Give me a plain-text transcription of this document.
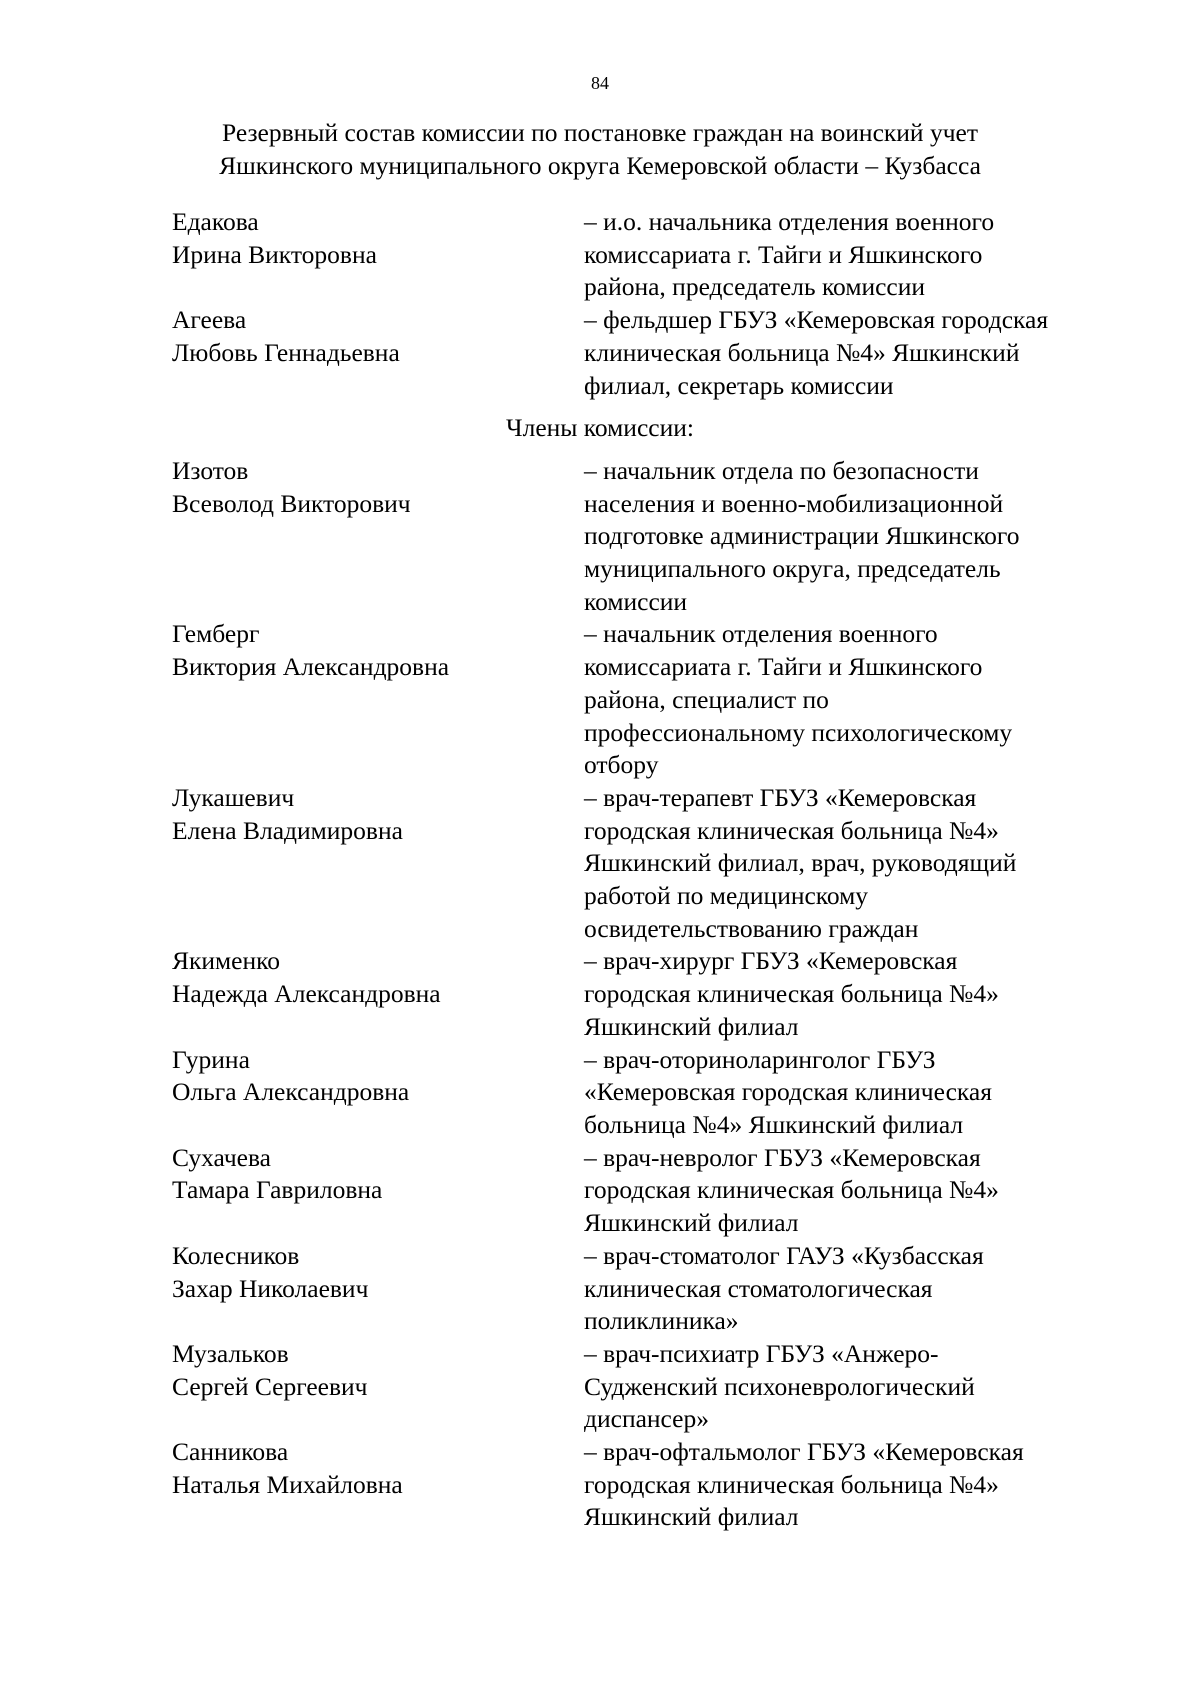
84
Резервный состав комиссии по постановке граждан на воинский учет
Яшкинского муниципального округа Кемеровской области – Кузбасса
Едакова
Ирина Викторовна
– и.о. начальника отделения военного
комиссариата г. Тайги и Яшкинского
района, председатель комиссии
Агеева
Любовь Геннадьевна
– фельдшер ГБУЗ «Кемеровская городская
клиническая больница №4» Яшкинский
филиал, секретарь комиссии
Члены комиссии:
Изотов
Всеволод Викторович
– начальник отдела по безопасности
населения и военно-мобилизационной
подготовке администрации Яшкинского
муниципального округа, председатель
комиссии
Гемберг
Виктория Александровна
– начальник отделения военного
комиссариата г. Тайги и Яшкинского
района, специалист по
профессиональному психологическому
отбору
Лукашевич
Елена Владимировна
– врач-терапевт ГБУЗ «Кемеровская
городская клиническая больница №4»
Яшкинский филиал, врач, руководящий
работой по медицинскому
освидетельствованию граждан
Якименко
Надежда Александровна
– врач-хирург ГБУЗ «Кемеровская
городская клиническая больница №4»
Яшкинский филиал
Гурина
Ольга Александровна
– врач-оториноларинголог ГБУЗ
«Кемеровская городская клиническая
больница №4» Яшкинский филиал
Сухачева
Тамара Гавриловна
– врач-невролог ГБУЗ «Кемеровская
городская клиническая больница №4»
Яшкинский филиал
Колесников
Захар Николаевич
– врач-стоматолог ГАУЗ «Кузбасская
клиническая стоматологическая
поликлиника»
Музальков
Сергей Сергеевич
– врач-психиатр ГБУЗ «Анжеро-
Судженский психоневрологический
диспансер»
Санникова
Наталья Михайловна
– врач-офтальмолог ГБУЗ «Кемеровская
городская клиническая больница №4»
Яшкинский филиал
